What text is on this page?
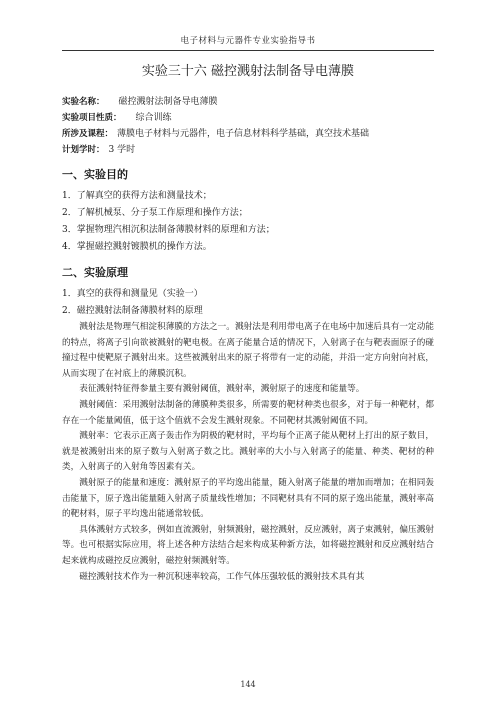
电子材料与元器件专业实验指导书
实验三十六 磁控溅射法制备导电薄膜
实验名称： 磁控溅射法制备导电薄膜
实验项目性质： 综合训练
所涉及课程： 薄膜电子材料与元器件，电子信息材料科学基础，真空技术基础
计划学时： 3 学时
一、实验目的
1．了解真空的获得方法和测量技术；
2．了解机械泵、分子泵工作原理和操作方法；
3．掌握物理汽相沉积法制备薄膜材料的原理和方法；
4．掌握磁控溅射镀膜机的操作方法。
二、实验原理
1．真空的获得和测量见（实验一）
2．磁控溅射法制备薄膜材料的原理

溅射法是物理气相淀积薄膜的方法之一。溅射法是利用带电离子在电场中加速后具有一定动能的特点，将离子引向欲被溅射的靶电极。在离子能量合适的情况下，入射离子在与靶表面原子的碰撞过程中使靶原子溅射出来。这些被溅射出来的原子将带有一定的动能，并沿一定方向射向衬底，从而实现了在衬底上的薄膜沉积。

表征溅射特征得参量主要有溅射阈值，溅射率，溅射原子的速度和能量等。

溅射阈值：采用溅射法制备的薄膜种类很多，所需要的靶材种类也很多，对于每一种靶材，都存在一个能量阈值，低于这个值就不会发生溅射现象。不同靶材其溅射阈值不同。

溅射率：它表示正离子轰击作为阴极的靶材时，平均每个正离子能从靶材上打出的原子数目，就是被溅射出来的原子数与入射离子数之比。溅射率的大小与入射离子的能量、种类、靶材的种类，入射离子的入射角等因素有关。

溅射原子的能量和速度：溅射原子的平均逸出能量，随入射离子能量的增加而增加；在相同轰击能量下，原子逸出能量随入射离子质量线性增加；不同靶材具有不同的原子逸出能量，溅射率高的靶材料，原子平均逸出能通常较低。

具体溅射方式较多，例如直流溅射，射频溅射，磁控溅射，反应溅射，离子束溅射，偏压溅射等。也可根据实际应用，将上述各种方法结合起来构成某种新方法，如将磁控溅射和反应溅射结合起来就构成磁控反应溅射，磁控射频溅射等。

磁控溅射技术作为一种沉积速率较高，工作气体压强较低的溅射技术具有其

144
